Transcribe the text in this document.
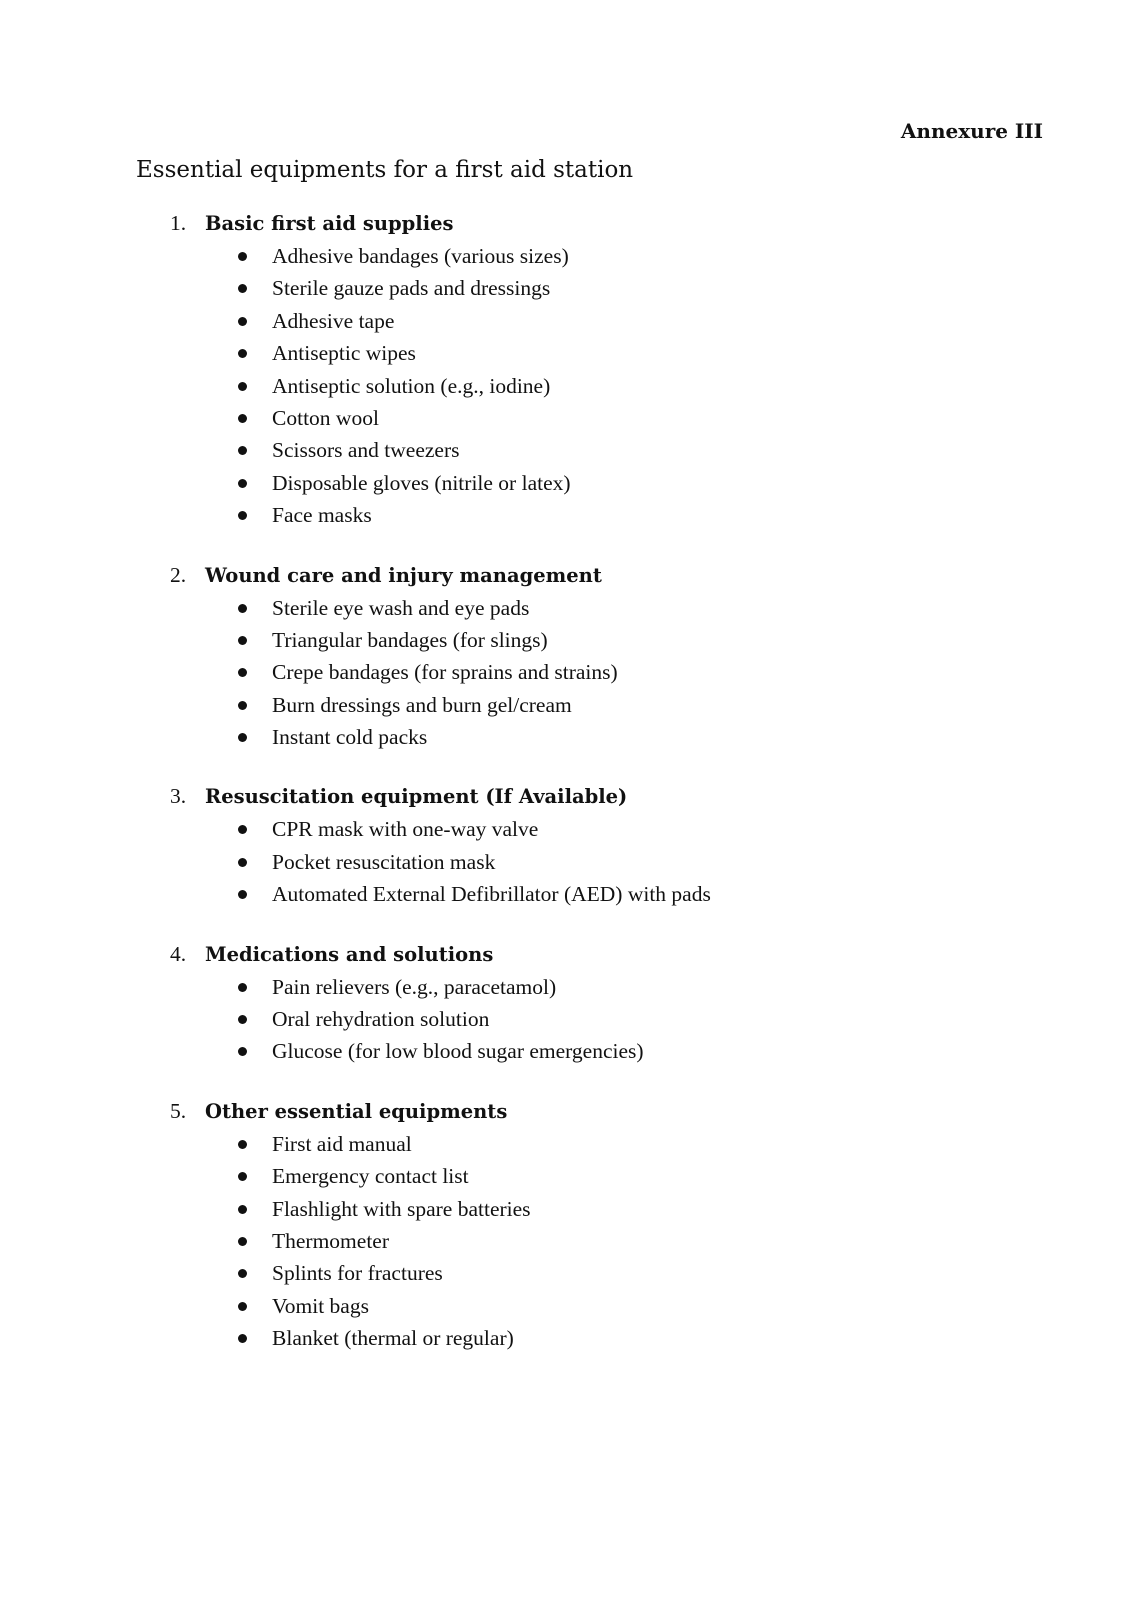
Annexure III
Essential equipments for a first aid station
1. Basic first aid supplies
Adhesive bandages (various sizes)
Sterile gauze pads and dressings
Adhesive tape
Antiseptic wipes
Antiseptic solution (e.g., iodine)
Cotton wool
Scissors and tweezers
Disposable gloves (nitrile or latex)
Face masks
2. Wound care and injury management
Sterile eye wash and eye pads
Triangular bandages (for slings)
Crepe bandages (for sprains and strains)
Burn dressings and burn gel/cream
Instant cold packs
3. Resuscitation equipment (If Available)
CPR mask with one-way valve
Pocket resuscitation mask
Automated External Defibrillator (AED) with pads
4. Medications and solutions
Pain relievers (e.g., paracetamol)
Oral rehydration solution
Glucose (for low blood sugar emergencies)
5. Other essential equipments
First aid manual
Emergency contact list
Flashlight with spare batteries
Thermometer
Splints for fractures
Vomit bags
Blanket (thermal or regular)
